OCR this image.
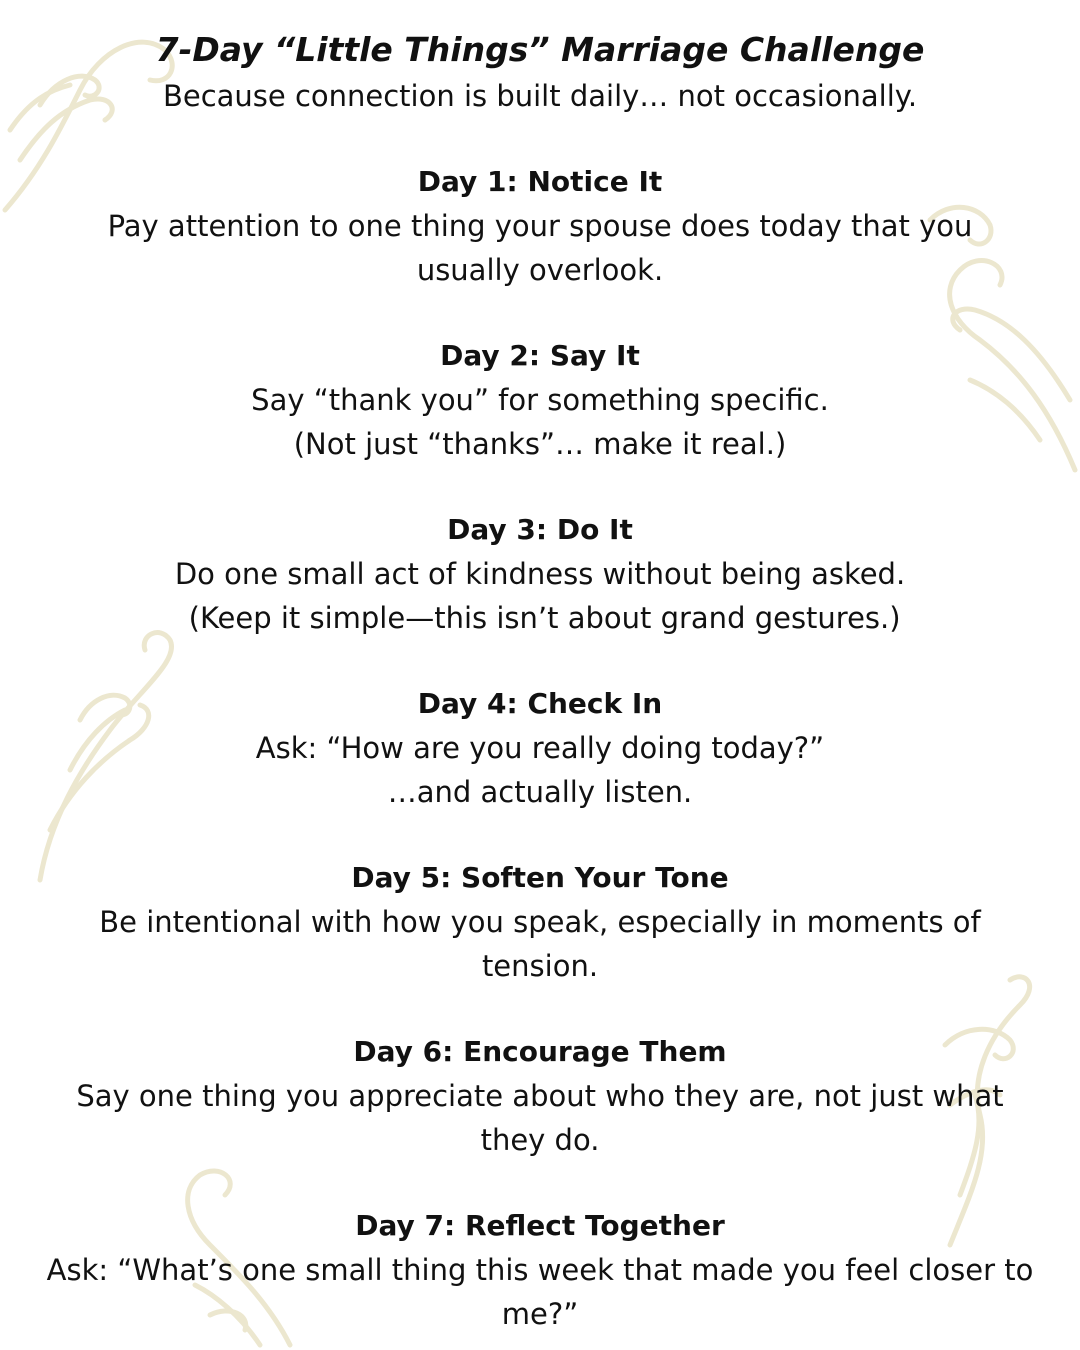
7-Day “Little Things” Marriage Challenge

Because connection is built daily… not occasionally.

Day 1: Notice It

Pay attention to one thing your spouse does today that you

usually overlook.

Day 2: Say It

Say “thank you” for something specific.

(Not just “thanks”… make it real.)

Day 3: Do It

Do one small act of kindness without being asked.

(Keep it simple—this isn’t about grand gestures.)

Day 4: Check In

Ask: “How are you really doing today?”

…and actually listen.

Day 5: Soften Your Tone

Be intentional with how you speak, especially in moments of

tension.

Day 6: Encourage Them

Say one thing you appreciate about who they are, not just what

they do.

Day 7: Reflect Together

Ask: “What’s one small thing this week that made you feel closer to

me?”
